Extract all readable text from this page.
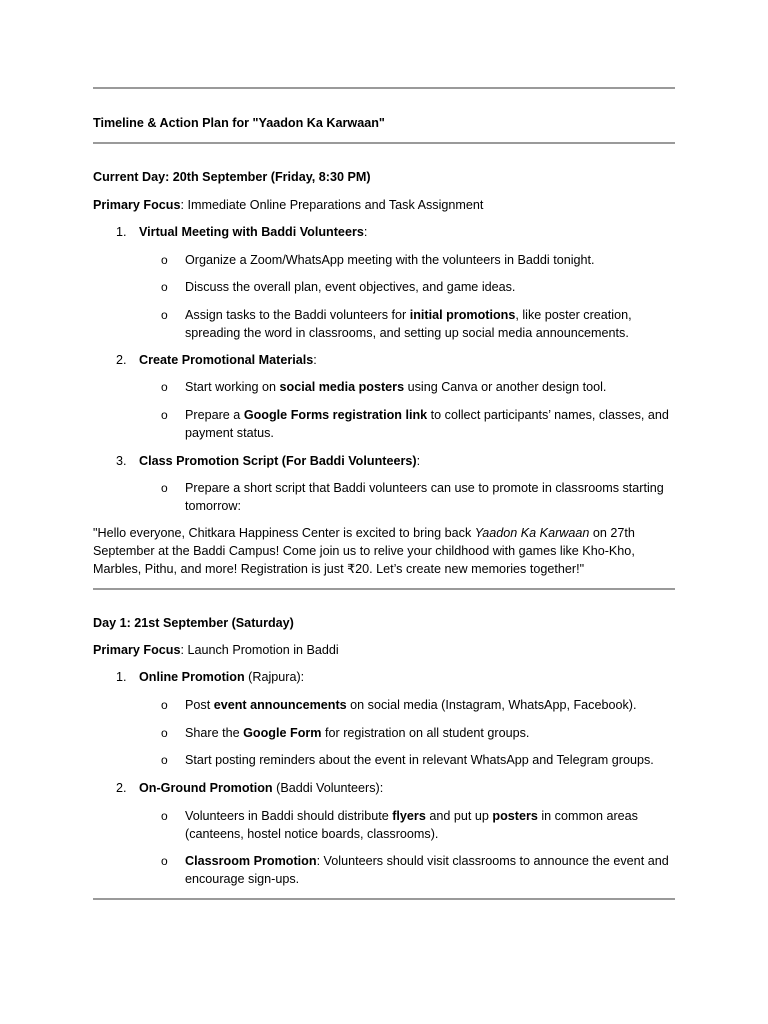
Timeline & Action Plan for "Yaadon Ka Karwaan"
Current Day: 20th September (Friday, 8:30 PM)
Primary Focus: Immediate Online Preparations and Task Assignment
1. Virtual Meeting with Baddi Volunteers:
o Organize a Zoom/WhatsApp meeting with the volunteers in Baddi tonight.
o Discuss the overall plan, event objectives, and game ideas.
o Assign tasks to the Baddi volunteers for initial promotions, like poster creation, spreading the word in classrooms, and setting up social media announcements.
2. Create Promotional Materials:
o Start working on social media posters using Canva or another design tool.
o Prepare a Google Forms registration link to collect participants’ names, classes, and payment status.
3. Class Promotion Script (For Baddi Volunteers):
o Prepare a short script that Baddi volunteers can use to promote in classrooms starting tomorrow:
"Hello everyone, Chitkara Happiness Center is excited to bring back Yaadon Ka Karwaan on 27th September at the Baddi Campus! Come join us to relive your childhood with games like Kho-Kho, Marbles, Pithu, and more! Registration is just ₹20. Let’s create new memories together!"
Day 1: 21st September (Saturday)
Primary Focus: Launch Promotion in Baddi
1. Online Promotion (Rajpura):
o Post event announcements on social media (Instagram, WhatsApp, Facebook).
o Share the Google Form for registration on all student groups.
o Start posting reminders about the event in relevant WhatsApp and Telegram groups.
2. On-Ground Promotion (Baddi Volunteers):
o Volunteers in Baddi should distribute flyers and put up posters in common areas (canteens, hostel notice boards, classrooms).
o Classroom Promotion: Volunteers should visit classrooms to announce the event and encourage sign-ups.
